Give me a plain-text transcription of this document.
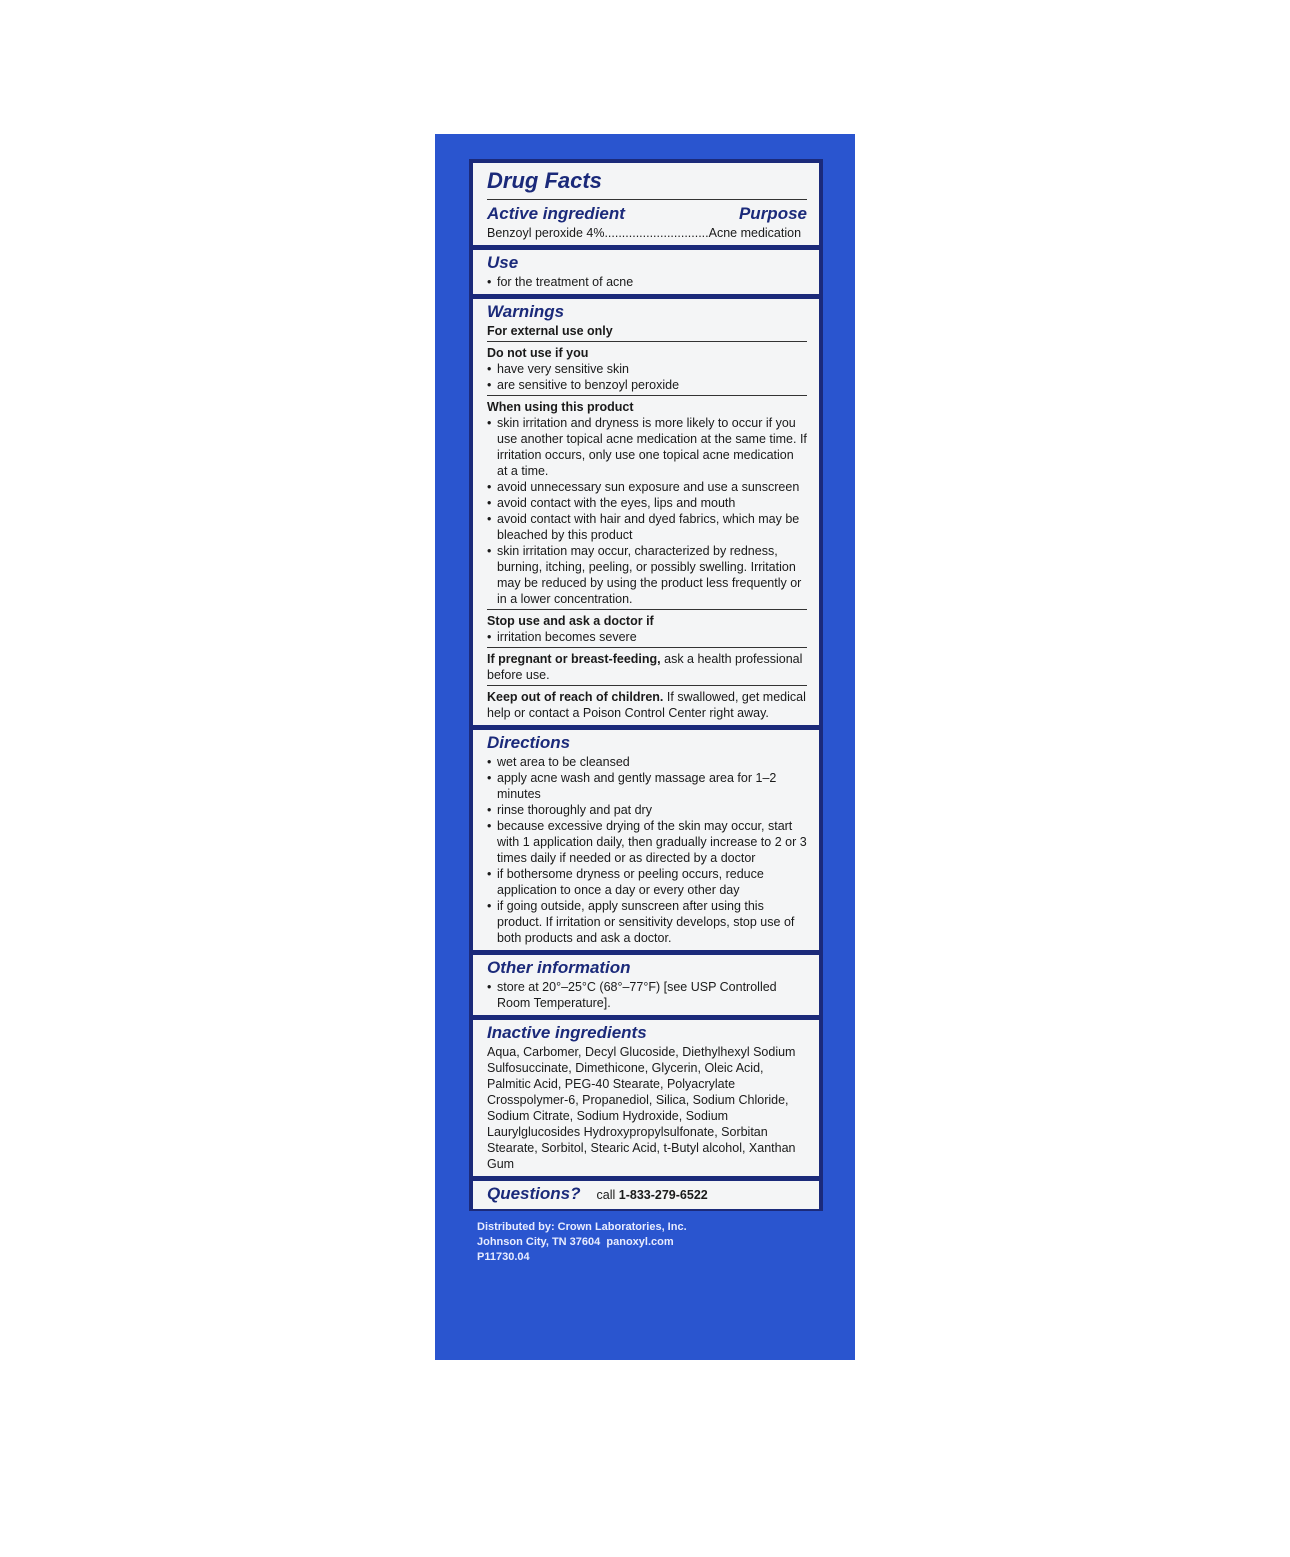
Drug Facts
Active ingredient	Purpose
Benzoyl peroxide 4%..............................Acne medication
Use
• for the treatment of acne
Warnings
For external use only
Do not use if you
• have very sensitive skin
• are sensitive to benzoyl peroxide
When using this product
• skin irritation and dryness is more likely to occur if you use another topical acne medication at the same time. If irritation occurs, only use one topical acne medication at a time.
• avoid unnecessary sun exposure and use a sunscreen
• avoid contact with the eyes, lips and mouth
• avoid contact with hair and dyed fabrics, which may be bleached by this product
• skin irritation may occur, characterized by redness, burning, itching, peeling, or possibly swelling. Irritation may be reduced by using the product less frequently or in a lower concentration.
Stop use and ask a doctor if
• irritation becomes severe
If pregnant or breast-feeding, ask a health professional before use.
Keep out of reach of children. If swallowed, get medical help or contact a Poison Control Center right away.
Directions
• wet area to be cleansed
• apply acne wash and gently massage area for 1–2 minutes
• rinse thoroughly and pat dry
• because excessive drying of the skin may occur, start with 1 application daily, then gradually increase to 2 or 3 times daily if needed or as directed by a doctor
• if bothersome dryness or peeling occurs, reduce application to once a day or every other day
• if going outside, apply sunscreen after using this product. If irritation or sensitivity develops, stop use of both products and ask a doctor.
Other information
• store at 20°–25°C (68°–77°F) [see USP Controlled Room Temperature].
Inactive ingredients
Aqua, Carbomer, Decyl Glucoside, Diethylhexyl Sodium Sulfosuccinate, Dimethicone, Glycerin, Oleic Acid, Palmitic Acid, PEG-40 Stearate, Polyacrylate Crosspolymer-6, Propanediol, Silica, Sodium Chloride, Sodium Citrate, Sodium Hydroxide, Sodium Laurylglucosides Hydroxypropylsulfonate, Sorbitan Stearate, Sorbitol, Stearic Acid, t-Butyl alcohol, Xanthan Gum
Questions? call 1-833-279-6522
Distributed by: Crown Laboratories, Inc.
Johnson City, TN 37604  panoxyl.com
P11730.04
